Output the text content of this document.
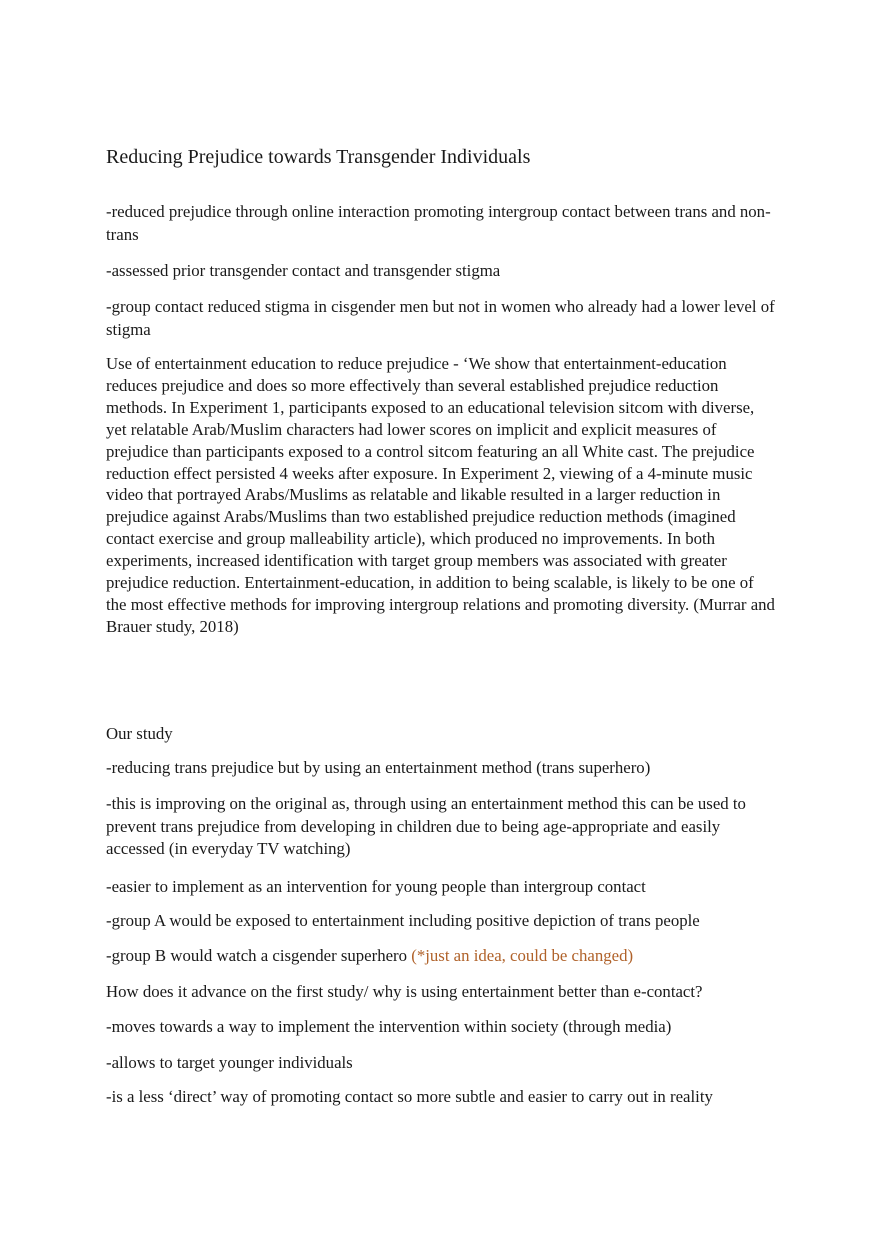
Reducing Prejudice towards Transgender Individuals

-reduced prejudice through online interaction promoting intergroup contact between trans and non-trans

-assessed prior transgender contact and transgender stigma

-group contact reduced stigma in cisgender men but not in women who already had a lower level of stigma

Use of entertainment education to reduce prejudice - ‘We show that entertainment-education reduces prejudice and does so more effectively than several established prejudice reduction methods. In Experiment 1, participants exposed to an educational television sitcom with diverse, yet relatable Arab/Muslim characters had lower scores on implicit and explicit measures of prejudice than participants exposed to a control sitcom featuring an all White cast. The prejudice reduction effect persisted 4 weeks after exposure. In Experiment 2, viewing of a 4-minute music video that portrayed Arabs/Muslims as relatable and likable resulted in a larger reduction in prejudice against Arabs/Muslims than two established prejudice reduction methods (imagined contact exercise and group malleability article), which produced no improvements. In both experiments, increased identification with target group members was associated with greater prejudice reduction. Entertainment-education, in addition to being scalable, is likely to be one of the most effective methods for improving intergroup relations and promoting diversity. (Murrar and Brauer study, 2018)

Our study

-reducing trans prejudice but by using an entertainment method (trans superhero)

-this is improving on the original as, through using an entertainment method this can be used to prevent trans prejudice from developing in children due to being age-appropriate and easily accessed (in everyday TV watching)

-easier to implement as an intervention for young people than intergroup contact

-group A would be exposed to entertainment including positive depiction of trans people

-group B would watch a cisgender superhero (*just an idea, could be changed)

How does it advance on the first study/ why is using entertainment better than e-contact?

-moves towards a way to implement the intervention within society (through media)

-allows to target younger individuals

-is a less ‘direct’ way of promoting contact so more subtle and easier to carry out in reality
